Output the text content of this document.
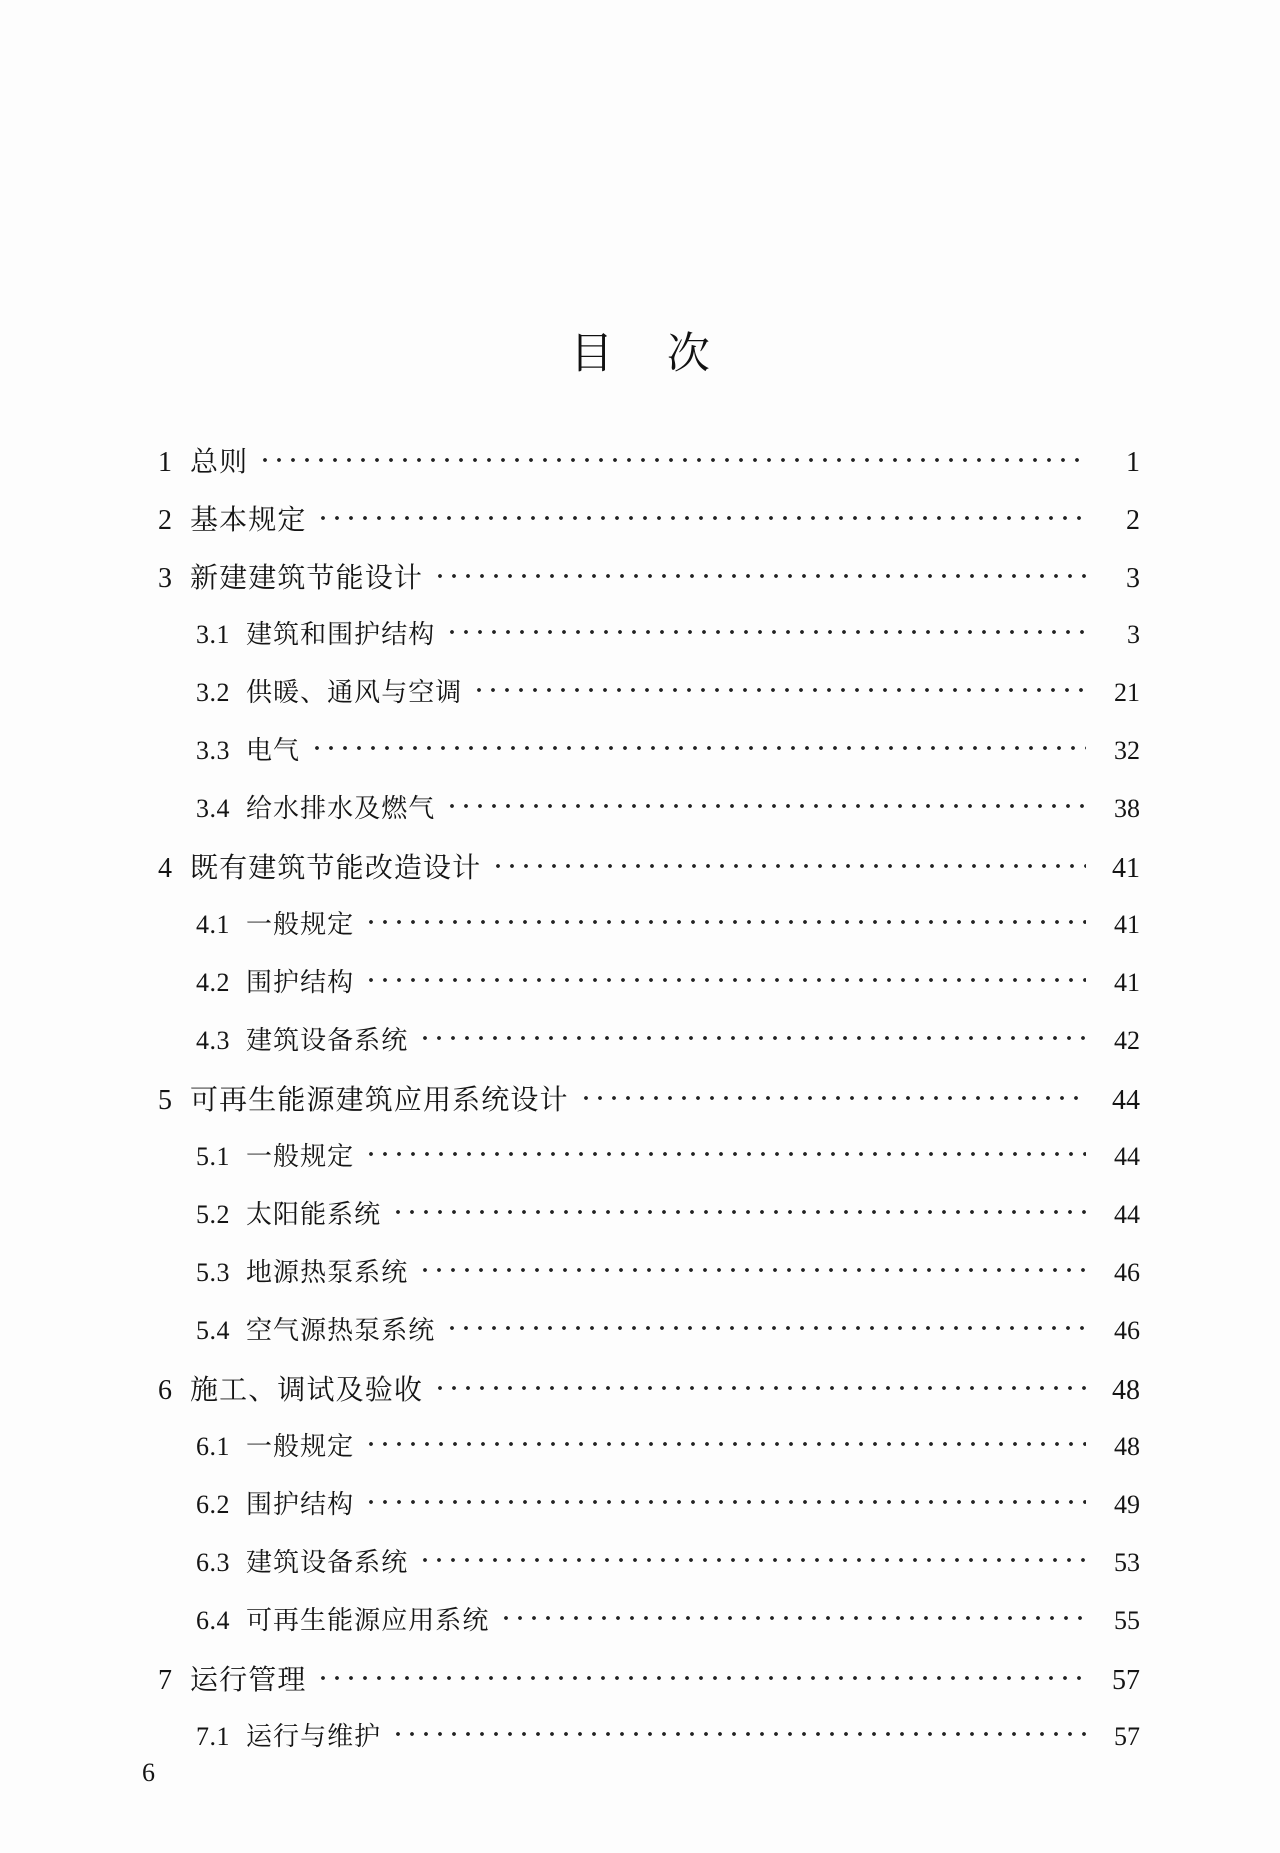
目 次
1 总则	1
2 基本规定	2
3 新建建筑节能设计	3
3.1 建筑和围护结构	3
3.2 供暖、通风与空调	21
3.3 电气	32
3.4 给水排水及燃气	38
4 既有建筑节能改造设计	41
4.1 一般规定	41
4.2 围护结构	41
4.3 建筑设备系统	42
5 可再生能源建筑应用系统设计	44
5.1 一般规定	44
5.2 太阳能系统	44
5.3 地源热泵系统	46
5.4 空气源热泵系统	46
6 施工、调试及验收	48
6.1 一般规定	48
6.2 围护结构	49
6.3 建筑设备系统	53
6.4 可再生能源应用系统	55
7 运行管理	57
7.1 运行与维护	57
6
